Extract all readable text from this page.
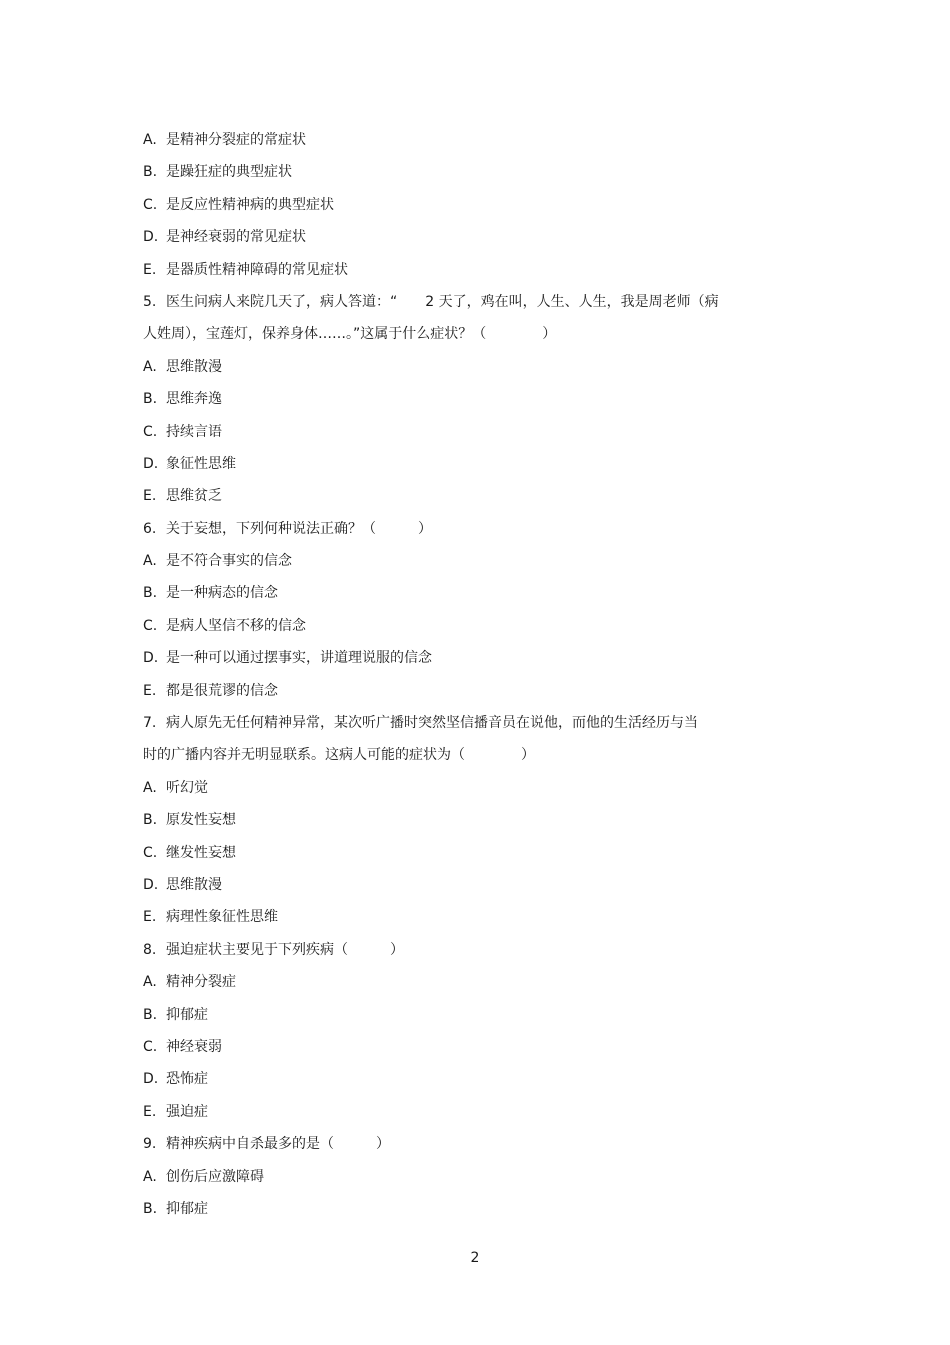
A. 是精神分裂症的常症状
B. 是躁狂症的典型症状
C. 是反应性精神病的典型症状
D. 是神经衰弱的常见症状
E. 是器质性精神障碍的常见症状
5. 医生问病人来院几天了，病人答道：“　　2 天了，鸡在叫，人生、人生，我是周老师（病
人姓周），宝莲灯，保养身体……。”这属于什么症状？（　　　　）
A. 思维散漫
B. 思维奔逸
C. 持续言语
D. 象征性思维
E. 思维贫乏
6. 关于妄想，下列何种说法正确？（　　　）
A. 是不符合事实的信念
B. 是一种病态的信念
C. 是病人坚信不移的信念
D. 是一种可以通过摆事实，讲道理说服的信念
E. 都是很荒谬的信念
7. 病人原先无任何精神异常，某次听广播时突然坚信播音员在说他，而他的生活经历与当
时的广播内容并无明显联系。这病人可能的症状为（　　　　）
A. 听幻觉
B. 原发性妄想
C. 继发性妄想
D. 思维散漫
E. 病理性象征性思维
8. 强迫症状主要见于下列疾病（　　　）
A. 精神分裂症
B. 抑郁症
C. 神经衰弱
D. 恐怖症
E. 强迫症
9. 精神疾病中自杀最多的是（　　　）
A. 创伤后应激障碍
B. 抑郁症
2
